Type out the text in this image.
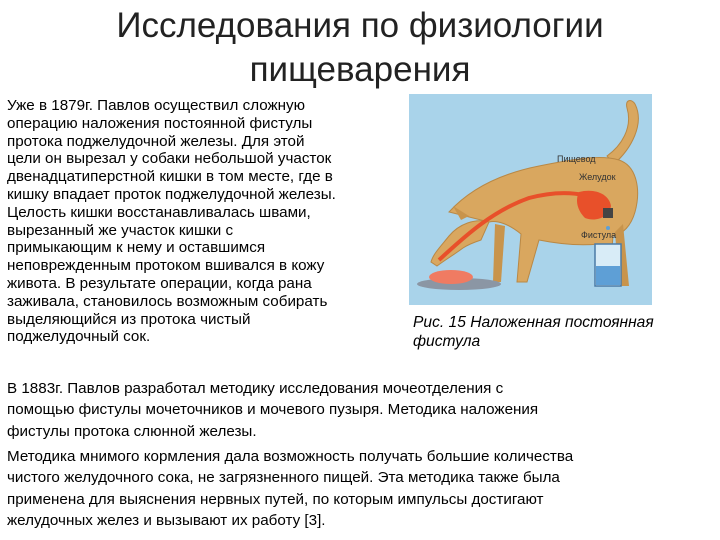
Исследования по физиологии
пищеварения
Уже в 1879г. Павлов осуществил сложную
операцию наложения постоянной фистулы
протока поджелудочной железы. Для этой
цели он вырезал у собаки небольшой участок
двенадцатиперстной кишки в том месте, где в
кишку впадает проток поджелудочной железы.
Целость кишки восстанавливалась швами,
вырезанный же участок кишки с
примыкающим к нему и оставшимся
неповрежденным протоком вшивался в кожу
живота. В результате операции, когда рана
заживала, становилось возможным собирать
выделяющийся из протока чистый
поджелудочный сок.
Пищевод
Желудок
Фистула
Рис. 15 Наложенная постоянная
фистула
В 1883г. Павлов разработал методику исследования мочеотделения с
помощью фистулы мочеточников и мочевого пузыря. Методика наложения
фистулы протока слюнной железы.
Методика мнимого кормления дала возможность получать большие количества
чистого желудочного сока, не загрязненного пищей. Эта методика также была
применена для выяснения нервных путей, по которым импульсы достигают
желудочных желез и вызывают их работу [3].
